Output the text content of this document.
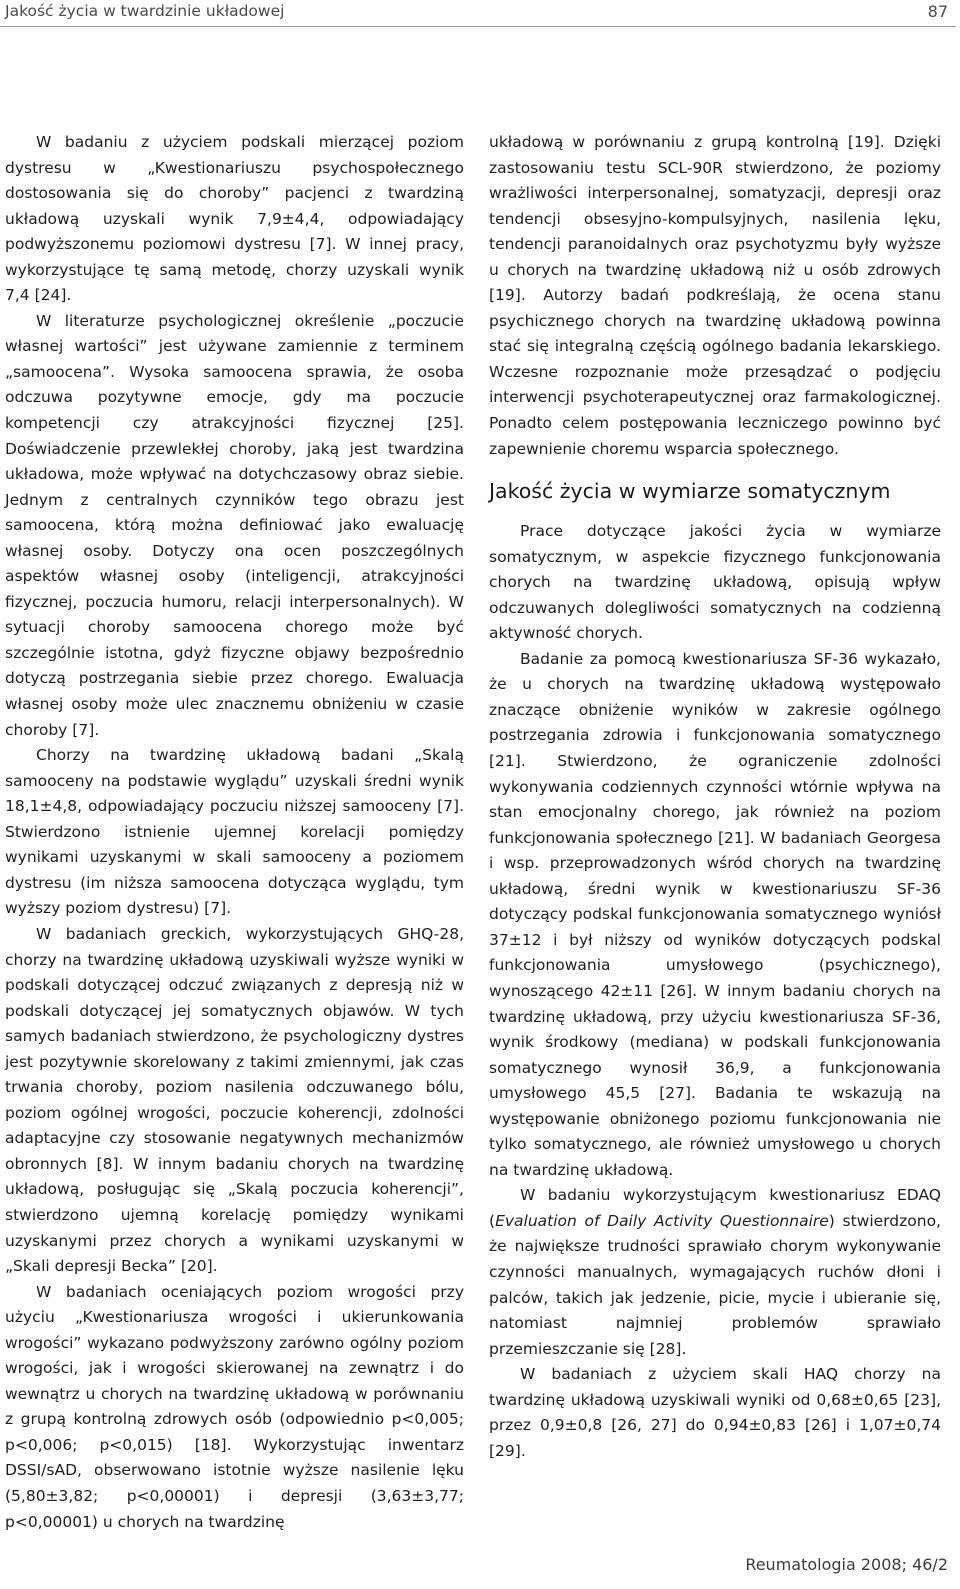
Jakość życia w twardzinie układowej	87

W badaniu z użyciem podskali mierzącej poziom dystresu w „Kwestionariuszu psychospołecznego dostosowania się do choroby” pacjenci z twardziną układową uzyskali wynik 7,9±4,4, odpowiadający podwyższonemu poziomowi dystresu [7]. W innej pracy, wykorzystujące tę samą metodę, chorzy uzyskali wynik 7,4 [24].

W literaturze psychologicznej określenie „poczucie własnej wartości” jest używane zamiennie z terminem „samoocena”. Wysoka samoocena sprawia, że osoba odczuwa pozytywne emocje, gdy ma poczucie kompetencji czy atrakcyjności fizycznej [25]. Doświadczenie przewlekłej choroby, jaką jest twardzina układowa, może wpływać na dotychczasowy obraz siebie. Jednym z centralnych czynników tego obrazu jest samoocena, którą można definiować jako ewaluację własnej osoby. Dotyczy ona ocen poszczególnych aspektów własnej osoby (inteligencji, atrakcyjności fizycznej, poczucia humoru, relacji interpersonalnych). W sytuacji choroby samoocena chorego może być szczególnie istotna, gdyż fizyczne objawy bezpośrednio dotyczą postrzegania siebie przez chorego. Ewaluacja własnej osoby może ulec znacznemu obniżeniu w czasie choroby [7].

Chorzy na twardzinę układową badani „Skalą samooceny na podstawie wyglądu” uzyskali średni wynik 18,1±4,8, odpowiadający poczuciu niższej samooceny [7]. Stwierdzono istnienie ujemnej korelacji pomiędzy wynikami uzyskanymi w skali samooceny a poziomem dystresu (im niższa samoocena dotycząca wyglądu, tym wyższy poziom dystresu) [7].

W badaniach greckich, wykorzystujących GHQ-28, chorzy na twardzinę układową uzyskiwali wyższe wyniki w podskali dotyczącej odczuć związanych z depresją niż w podskali dotyczącej jej somatycznych objawów. W tych samych badaniach stwierdzono, że psychologiczny dystres jest pozytywnie skorelowany z takimi zmiennymi, jak czas trwania choroby, poziom nasilenia odczuwanego bólu, poziom ogólnej wrogości, poczucie koherencji, zdolności adaptacyjne czy stosowanie negatywnych mechanizmów obronnych [8]. W innym badaniu chorych na twardzinę układową, posługując się „Skalą poczucia koherencji”, stwierdzono ujemną korelację pomiędzy wynikami uzyskanymi przez chorych a wynikami uzyskanymi w „Skali depresji Becka” [20].

W badaniach oceniających poziom wrogości przy użyciu „Kwestionariusza wrogości i ukierunkowania wrogości” wykazano podwyższony zarówno ogólny poziom wrogości, jak i wrogości skierowanej na zewnątrz i do wewnątrz u chorych na twardzinę układową w porównaniu z grupą kontrolną zdrowych osób (odpowiednio p<0,005; p<0,006; p<0,015) [18]. Wykorzystując inwentarz DSSI/sAD, obserwowano istotnie wyższe nasilenie lęku (5,80±3,82; p<0,00001) i depresji (3,63±3,77; p<0,00001) u chorych na twardzinę

układową w porównaniu z grupą kontrolną [19]. Dzięki zastosowaniu testu SCL-90R stwierdzono, że poziomy wrażliwości interpersonalnej, somatyzacji, depresji oraz tendencji obsesyjno-kompulsyjnych, nasilenia lęku, tendencji paranoidalnych oraz psychotyzmu były wyższe u chorych na twardzinę układową niż u osób zdrowych [19]. Autorzy badań podkreślają, że ocena stanu psychicznego chorych na twardzinę układową powinna stać się integralną częścią ogólnego badania lekarskiego. Wczesne rozpoznanie może przesądzać o podjęciu interwencji psychoterapeutycznej oraz farmakologicznej. Ponadto celem postępowania leczniczego powinno być zapewnienie choremu wsparcia społecznego.

Jakość życia w wymiarze somatycznym

Prace dotyczące jakości życia w wymiarze somatycznym, w aspekcie fizycznego funkcjonowania chorych na twardzinę układową, opisują wpływ odczuwanych dolegliwości somatycznych na codzienną aktywność chorych.

Badanie za pomocą kwestionariusza SF-36 wykazało, że u chorych na twardzinę układową występowało znaczące obniżenie wyników w zakresie ogólnego postrzegania zdrowia i funkcjonowania somatycznego [21]. Stwierdzono, że ograniczenie zdolności wykonywania codziennych czynności wtórnie wpływa na stan emocjonalny chorego, jak również na poziom funkcjonowania społecznego [21]. W badaniach Georgesa i wsp. przeprowadzonych wśród chorych na twardzinę układową, średni wynik w kwestionariuszu SF-36 dotyczący podskal funkcjonowania somatycznego wyniósł 37±12 i był niższy od wyników dotyczących podskal funkcjonowania umysłowego (psychicznego), wynoszącego 42±11 [26]. W innym badaniu chorych na twardzinę układową, przy użyciu kwestionariusza SF-36, wynik środkowy (mediana) w podskali funkcjonowania somatycznego wynosił 36,9, a funkcjonowania umysłowego 45,5 [27]. Badania te wskazują na występowanie obniżonego poziomu funkcjonowania nie tylko somatycznego, ale również umysłowego u chorych na twardzinę układową.

W badaniu wykorzystującym kwestionariusz EDAQ (Evaluation of Daily Activity Questionnaire) stwierdzono, że największe trudności sprawiało chorym wykonywanie czynności manualnych, wymagających ruchów dłoni i palców, takich jak jedzenie, picie, mycie i ubieranie się, natomiast najmniej problemów sprawiało przemieszczanie się [28].

W badaniach z użyciem skali HAQ chorzy na twardzinę układową uzyskiwali wyniki od 0,68±0,65 [23], przez 0,9±0,8 [26, 27] do 0,94±0,83 [26] i 1,07±0,74 [29].

Reumatologia 2008; 46/2
